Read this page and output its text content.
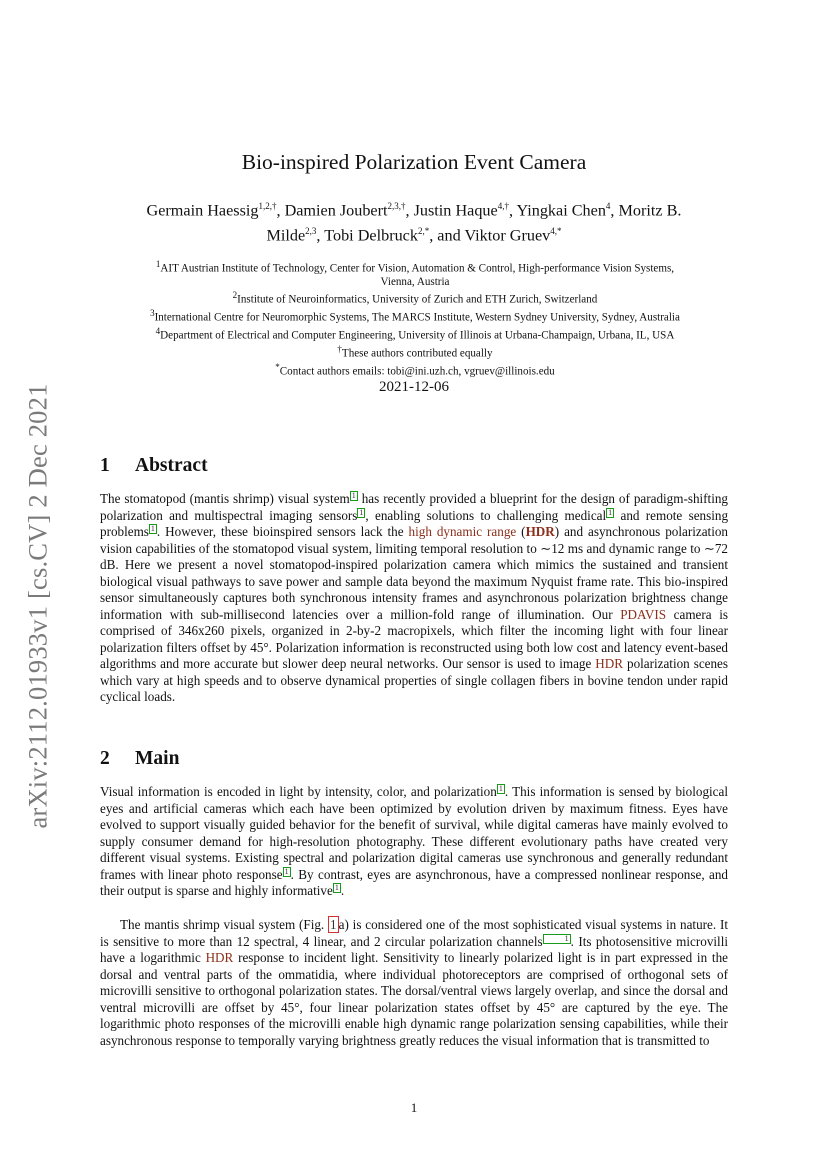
arXiv:2112.01933v1 [cs.CV] 2 Dec 2021
Bio-inspired Polarization Event Camera
Germain Haessig$^{1,2,\dagger}$, Damien Joubert$^{2,3,\dagger}$, Justin Haque$^{4,\dagger}$, Yingkai Chen$^4$, Moritz B.
Milde$^{2,3}$, Tobi Delbruck$^{2,*}$, and Viktor Gruev$^{4,*}$

$^1$AIT Austrian Institute of Technology, Center for Vision, Automation & Control, High-performance Vision Systems,

Vienna, Austria

$^2$Institute of Neuroinformatics, University of Zurich and ETH Zurich, Switzerland

$^3$International Centre for Neuromorphic Systems, The MARCS Institute, Western Sydney University, Sydney, Australia

$^4$Department of Electrical and Computer Engineering, University of Illinois at Urbana-Champaign, Urbana, IL, USA

†These authors contributed equally

*Contact authors emails: tobi@ini.uzh.ch, vgruev@illinois.edu

2021-12-06
1 Abstract

The stomatopod (mantis shrimp) visual system 1 has recently provided a blueprint for the design of paradigm-shifting polarization and multispectral imaging sensors 1 , enabling solutions to challenging medical 1 and remote sensing problems 1 . However, these bioinspired sensors lack the high dynamic range (HDR) and asynchronous polarization vision capabilities of the stomatopod visual system, limiting temporal resolution to ∼12 ms and dynamic range to ∼72 dB. Here we present a novel stomatopod-inspired polarization camera which mimics the sustained and transient biological visual pathways to save power and sample data beyond the maximum Nyquist frame rate. This bio-inspired sensor simultaneously captures both synchronous intensity frames and asynchronous polarization brightness change information with sub-millisecond latencies over a million-fold range of illumination. Our PDAVIS camera is comprised of 346x260 pixels, organized in 2-by-2 macropixels, which filter the incoming light with four linear polarization filters offset by 45°. Polarization information is reconstructed using both low cost and latency event-based algorithms and more accurate but slower deep neural networks. Our sensor is used to image HDR polarization scenes which vary at high speeds and to observe dynamical properties of single collagen fibers in bovine tendon under rapid cyclical loads.

2 Main

Visual information is encoded in light by intensity, color, and polarization 1 . This information is sensed by biological eyes and artificial cameras which each have been optimized by evolution driven by maximum fitness. Eyes have evolved to support visually guided behavior for the benefit of survival, while digital cameras have mainly evolved to supply consumer demand for high-resolution photography. These different evolutionary paths have created very different visual systems. Existing spectral and polarization digital cameras use synchronous and generally redundant frames with linear photo response 1 . By contrast, eyes are asynchronous, have a compressed nonlinear response, and their output is sparse and highly informative 1 .

The mantis shrimp visual system (Fig. 1 a) is considered one of the most sophisticated visual systems in nature. It is sensitive to more than 12 spectral, 4 linear, and 2 circular polarization channels	1 . Its photosensitive microvilli have a logarithmic HDR response to incident light. Sensitivity to linearly polarized light is in part expressed in the dorsal and ventral parts of the ommatidia, where individual photoreceptors are comprised of orthogonal sets of microvilli sensitive to orthogonal polarization states. The dorsal/ventral views largely overlap, and since the dorsal and ventral microvilli are offset by 45°, four linear polarization states offset by 45° are captured by the eye. The logarithmic photo responses of the microvilli enable high dynamic range polarization sensing capabilities, while their asynchronous response to temporally varying brightness greatly reduces the visual information that is transmitted to

1
